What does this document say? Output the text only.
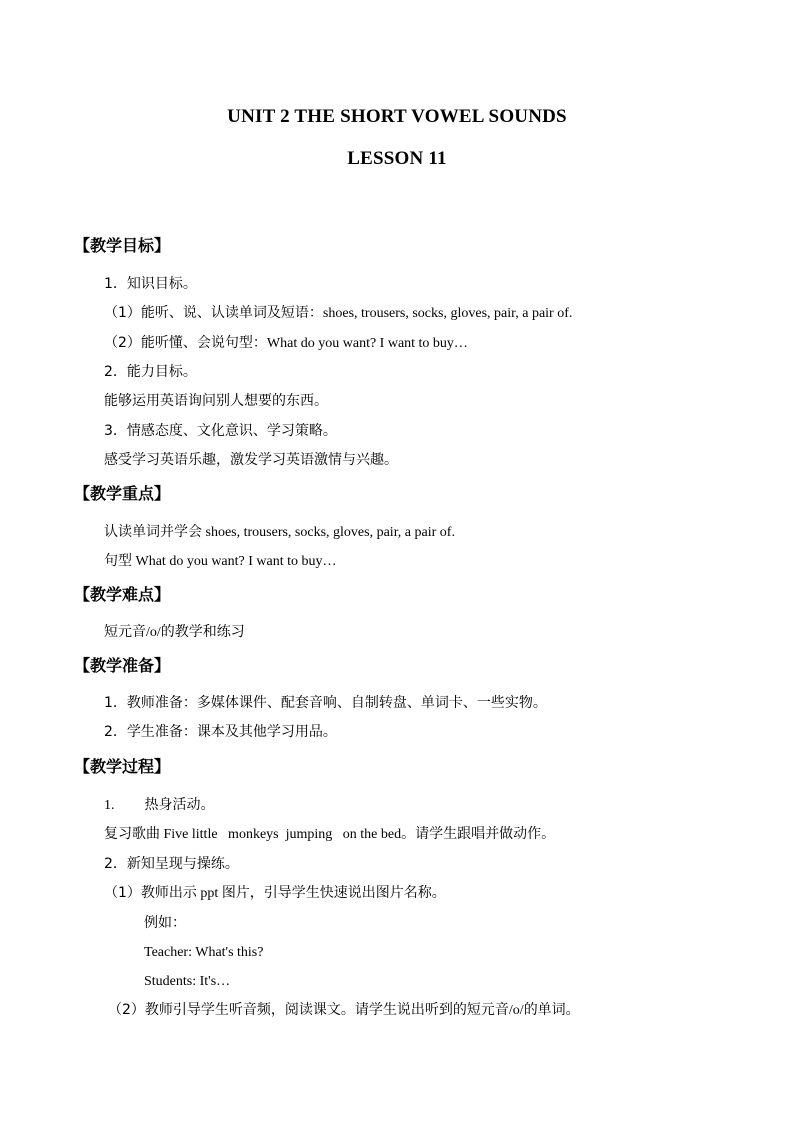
UNIT 2 THE SHORT VOWEL SOUNDS
LESSON 11
【教学目标】
1．知识目标。
（1）能听、说、认读单词及短语：shoes, trousers, socks, gloves, pair, a pair of.
（2）能听懂、会说句型：What do you want? I want to buy…
2．能力目标。
能够运用英语询问别人想要的东西。
3．情感态度、文化意识、学习策略。
感受学习英语乐趣，激发学习英语激情与兴趣。
【教学重点】
认读单词并学会 shoes, trousers, socks, gloves, pair, a pair of.
句型 What do you want? I want to buy…
【教学难点】
短元音/o/的教学和练习
【教学准备】
1．教师准备：多媒体课件、配套音响、自制转盘、单词卡、一些实物。
2．学生准备：课本及其他学习用品。
【教学过程】
1. 热身活动。
复习歌曲 Five little   monkeys  jumping   on the bed。请学生跟唱并做动作。
2．新知呈现与操练。
（1）教师出示 ppt 图片，引导学生快速说出图片名称。
例如：
Teacher: What's this?
Students: It's…
（2）教师引导学生听音频，阅读课文。请学生说出听到的短元音/o/的单词。
